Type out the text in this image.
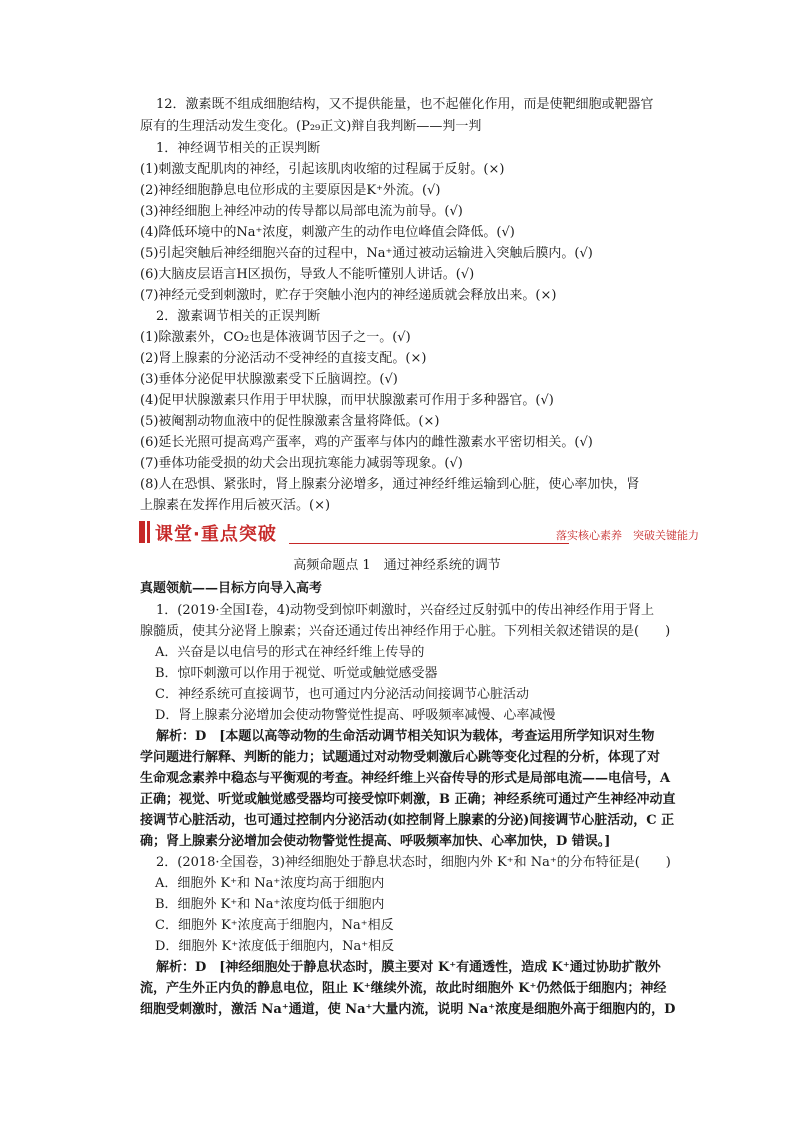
课堂·重点突破	落实核心素养　突破关键能力
高频命题点 1　通过神经系统的调节
12．激素既不组成细胞结构，又不提供能量，也不起催化作用，而是使靶细胞或靶器官
原有的生理活动发生变化。(P₂₉正文)辩自我判断——判一判
1．神经调节相关的正误判断
(1)刺激支配肌肉的神经，引起该肌肉收缩的过程属于反射。(×)
(2)神经细胞静息电位形成的主要原因是K⁺外流。(√)
(3)神经细胞上神经冲动的传导都以局部电流为前导。(√)
(4)降低环境中的Na⁺浓度，刺激产生的动作电位峰值会降低。(√)
(5)引起突触后神经细胞兴奋的过程中，Na⁺通过被动运输进入突触后膜内。(√)
(6)大脑皮层语言H区损伤，导致人不能听懂别人讲话。(√)
(7)神经元受到刺激时，贮存于突触小泡内的神经递质就会释放出来。(×)
2．激素调节相关的正误判断
(1)除激素外，CO₂也是体液调节因子之一。(√)
(2)肾上腺素的分泌活动不受神经的直接支配。(×)
(3)垂体分泌促甲状腺激素受下丘脑调控。(√)
(4)促甲状腺激素只作用于甲状腺，而甲状腺激素可作用于多种器官。(√)
(5)被阉割动物血液中的促性腺激素含量将降低。(×)
(6)延长光照可提高鸡产蛋率，鸡的产蛋率与体内的雌性激素水平密切相关。(√)
(7)垂体功能受损的幼犬会出现抗寒能力减弱等现象。(√)
(8)人在恐惧、紧张时，肾上腺素分泌增多，通过神经纤维运输到心脏，使心率加快，肾
上腺素在发挥作用后被灭活。(×)
真题领航——目标方向导入高考
1．(2019·全国Ⅰ卷，4)动物受到惊吓刺激时，兴奋经过反射弧中的传出神经作用于肾上
腺髓质，使其分泌肾上腺素；兴奋还通过传出神经作用于心脏。下列相关叙述错误的是(　　)
　A．兴奋是以电信号的形式在神经纤维上传导的
　B．惊吓刺激可以作用于视觉、听觉或触觉感受器
　C．神经系统可直接调节，也可通过内分泌活动间接调节心脏活动
　D．肾上腺素分泌增加会使动物警觉性提高、呼吸频率减慢、心率减慢
解析：D　[本题以高等动物的生命活动调节相关知识为载体，考查运用所学知识对生物
学问题进行解释、判断的能力；试题通过对动物受刺激后心跳等变化过程的分析，体现了对
生命观念素养中稳态与平衡观的考查。神经纤维上兴奋传导的形式是局部电流——电信号，A
正确；视觉、听觉或触觉感受器均可接受惊吓刺激，B 正确；神经系统可通过产生神经冲动直
接调节心脏活动，也可通过控制内分泌活动(如控制肾上腺素的分泌)间接调节心脏活动，C 正
确；肾上腺素分泌增加会使动物警觉性提高、呼吸频率加快、心率加快，D 错误。]
2．(2018·全国卷，3)神经细胞处于静息状态时，细胞内外 K⁺和 Na⁺的分布特征是(　　)
　A．细胞外 K⁺和 Na⁺浓度均高于细胞内
　B．细胞外 K⁺和 Na⁺浓度均低于细胞内
　C．细胞外 K⁺浓度高于细胞内，Na⁺相反
　D．细胞外 K⁺浓度低于细胞内，Na⁺相反
解析：D　[神经细胞处于静息状态时，膜主要对 K⁺有通透性，造成 K⁺通过协助扩散外
流，产生外正内负的静息电位，阻止 K⁺继续外流，故此时细胞外 K⁺仍然低于细胞内；神经
细胞受刺激时，激活 Na⁺通道，使 Na⁺大量内流，说明 Na⁺浓度是细胞外高于细胞内的，D
